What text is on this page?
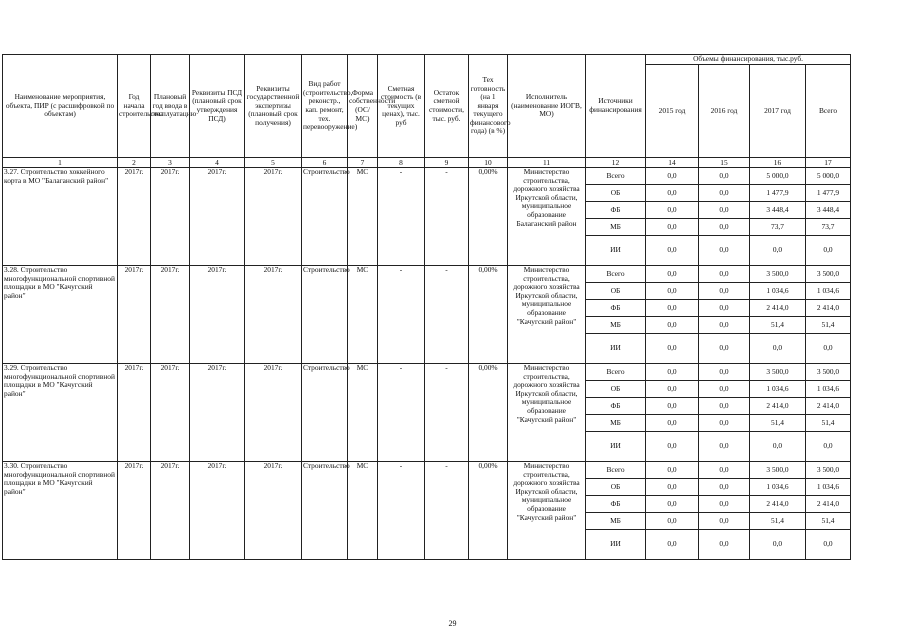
Наименование мероприятия, объекта, ПИР (с расшифровкой по объектам)	Год начала строительства	Плановый год ввода в эксплуатацию	Реквизиты ПСД (плановый срок утверждения ПСД)	Реквизиты государственной экспертизы (плановый срок получения)	Вид работ (строительство, реконстр., кап. ремонт, тех. перевооружение)	Форма собственности (ОС/МС)	Сметная стоимость (в текущих ценах), тыс. руб	Остаток сметной стоимости, тыс. руб.	Тех готовность (на 1 января текущего финансового года) (в %)	Исполнитель (наименование ИОГВ, МО)	Источники финансирования	Объемы финансирования, тыс.руб.			
												2015 год	2016 год	2017 год	Всего
1	2	3	4	5	6	7	8	9	10	11	12	14	15	16	17
3.27. Строительство хоккейного корта в МО "Балаганский район"	2017г.	2017г.	2017г.	2017г.	Строительство	МС	-	-	0,00%	Министерство строительства, дорожного хозяйства Иркутской области, муниципальное образование Балаганский район	Всего	0,0	0,0	5 000,0	5 000,0
											ОБ	0,0	0,0	1 477,9	1 477,9
											ФБ	0,0	0,0	3 448,4	3 448,4
											МБ	0,0	0,0	73,7	73,7
											ИИ	0,0	0,0	0,0	0,0
3.28. Строительство многофункциональной спортивной площадки в МО "Качугский район"	2017г.	2017г.	2017г.	2017г.	Строительство	МС	-	-	0,00%	Министерство строительства, дорожного хозяйства Иркутской области, муниципальное образование "Качугский район"	Всего	0,0	0,0	3 500,0	3 500,0
											ОБ	0,0	0,0	1 034,6	1 034,6
											ФБ	0,0	0,0	2 414,0	2 414,0
											МБ	0,0	0,0	51,4	51,4
											ИИ	0,0	0,0	0,0	0,0
3.29. Строительство многофункциональной спортивной площадки в МО "Качугский район"	2017г.	2017г.	2017г.	2017г.	Строительство	МС	-	-	0,00%	Министерство строительства, дорожного хозяйства Иркутской области, муниципальное образование "Качугский район"	Всего	0,0	0,0	3 500,0	3 500,0
											ОБ	0,0	0,0	1 034,6	1 034,6
											ФБ	0,0	0,0	2 414,0	2 414,0
											МБ	0,0	0,0	51,4	51,4
											ИИ	0,0	0,0	0,0	0,0
3.30. Строительство многофункциональной спортивной площадки в МО "Качугский район"	2017г.	2017г.	2017г.	2017г.	Строительство	МС	-	-	0,00%	Министерство строительства, дорожного хозяйства Иркутской области, муниципальное образование "Качугский район"	Всего	0,0	0,0	3 500,0	3 500,0
											ОБ	0,0	0,0	1 034,6	1 034,6
											ФБ	0,0	0,0	2 414,0	2 414,0
											МБ	0,0	0,0	51,4	51,4
											ИИ	0,0	0,0	0,0	0,0
29
